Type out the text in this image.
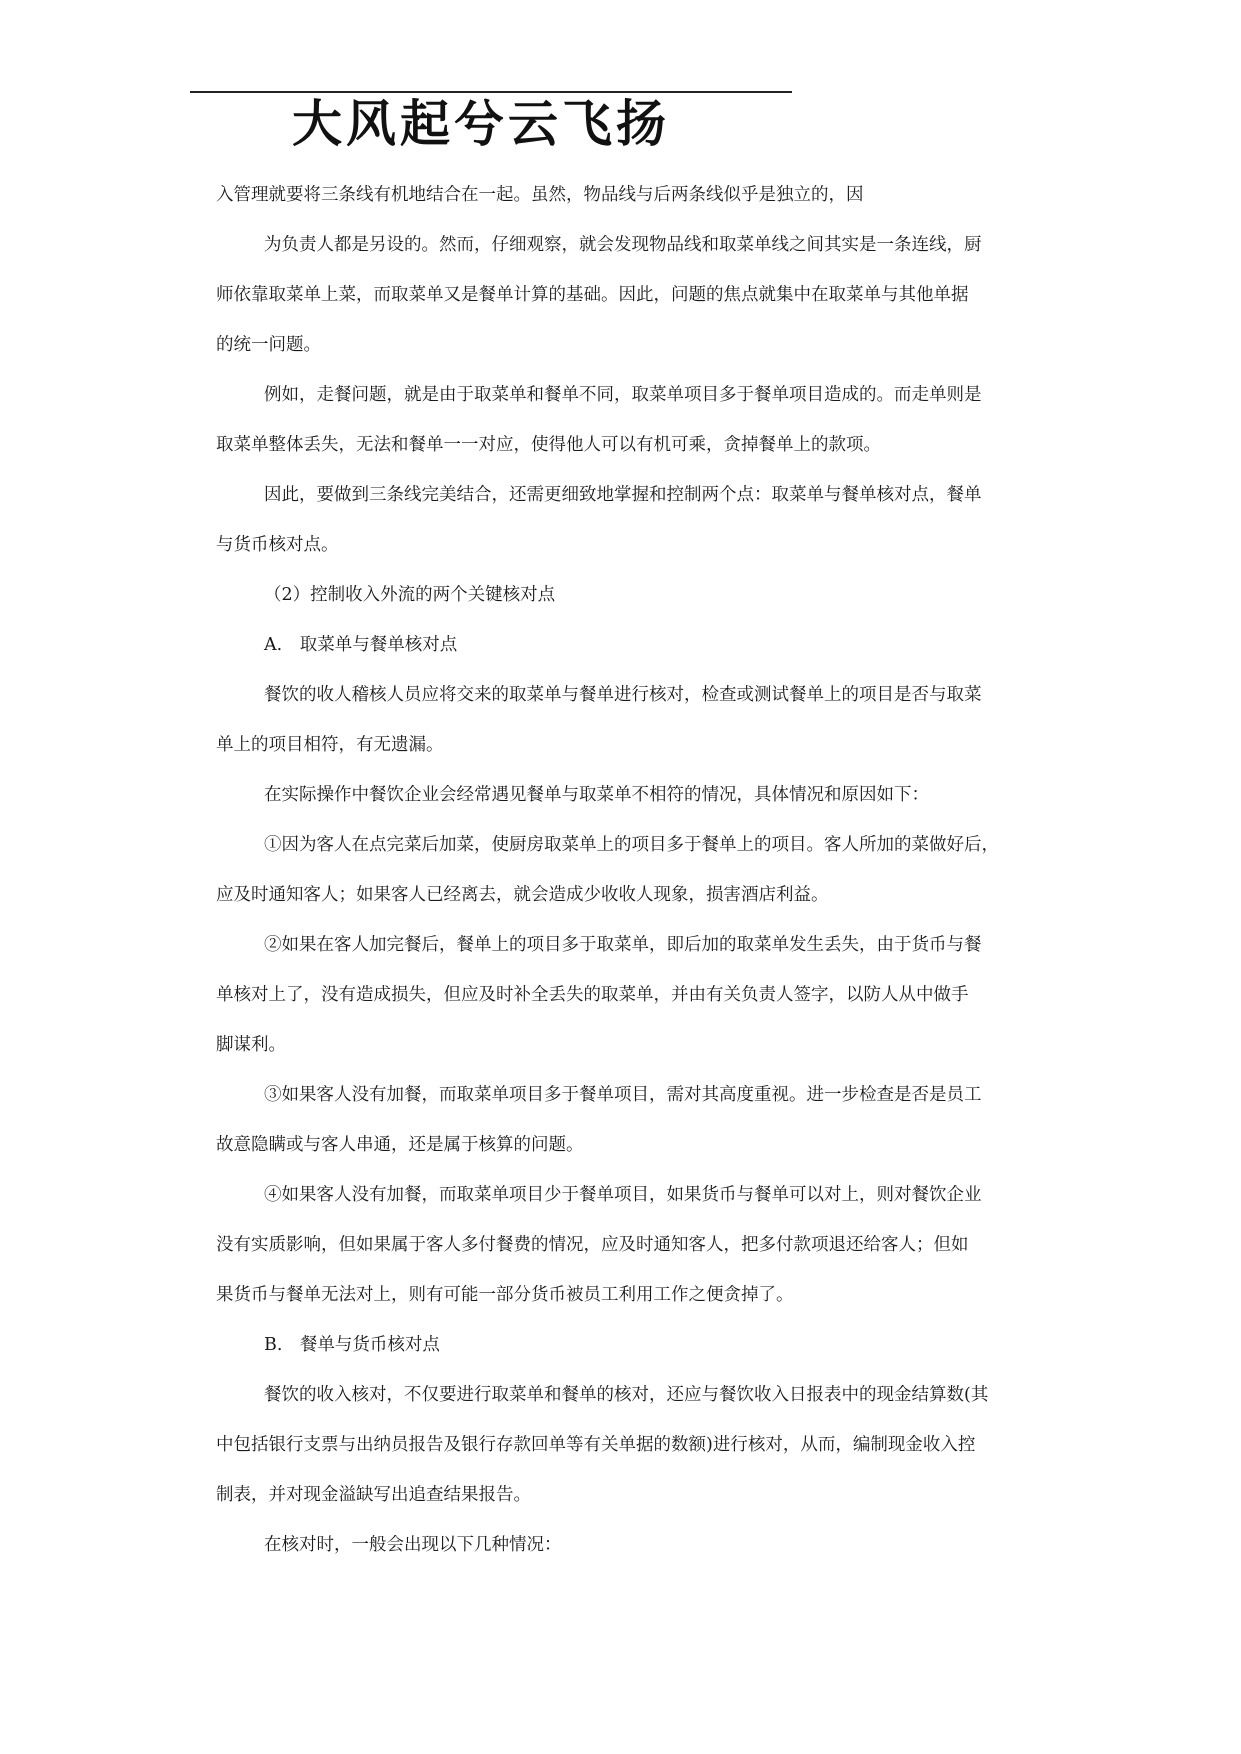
大风起兮云飞扬
入管理就要将三条线有机地结合在一起。虽然，物品线与后两条线似乎是独立的，因
为负责人都是另设的。然而，仔细观察，就会发现物品线和取菜单线之间其实是一条连线，厨
师依靠取菜单上菜，而取菜单又是餐单计算的基础。因此，问题的焦点就集中在取菜单与其他单据
的统一问题。
例如，走餐问题，就是由于取菜单和餐单不同，取菜单项目多于餐单项目造成的。而走单则是
取菜单整体丢失，无法和餐单一一对应，使得他人可以有机可乘，贪掉餐单上的款项。
因此，要做到三条线完美结合，还需更细致地掌握和控制两个点：取菜单与餐单核对点，餐单
与货币核对点。
（2）控制收入外流的两个关键核对点
A.　取菜单与餐单核对点
餐饮的收人稽核人员应将交来的取菜单与餐单进行核对，检查或测试餐单上的项目是否与取菜
单上的项目相符，有无遗漏。
在实际操作中餐饮企业会经常遇见餐单与取菜单不相符的情况，具体情况和原因如下：
①因为客人在点完菜后加菜，使厨房取菜单上的项目多于餐单上的项目。客人所加的菜做好后，
应及时通知客人；如果客人已经离去，就会造成少收收人现象，损害酒店利益。
②如果在客人加完餐后，餐单上的项目多于取菜单，即后加的取菜单发生丢失，由于货币与餐
单核对上了，没有造成损失，但应及时补全丢失的取菜单，并由有关负责人签字，以防人从中做手
脚谋利。
③如果客人没有加餐，而取菜单项目多于餐单项目，需对其高度重视。进一步检查是否是员工
故意隐瞒或与客人串通，还是属于核算的问题。
④如果客人没有加餐，而取菜单项目少于餐单项目，如果货币与餐单可以对上，则对餐饮企业
没有实质影响，但如果属于客人多付餐费的情况，应及时通知客人，把多付款项退还给客人；但如
果货币与餐单无法对上，则有可能一部分货币被员工利用工作之便贪掉了。
B.　餐单与货币核对点
餐饮的收入核对，不仅要进行取菜单和餐单的核对，还应与餐饮收入日报表中的现金结算数(其
中包括银行支票与出纳员报告及银行存款回单等有关单据的数额)进行核对，从而，编制现金收入控
制表，并对现金溢缺写出追查结果报告。
在核对时，一般会出现以下几种情况：
